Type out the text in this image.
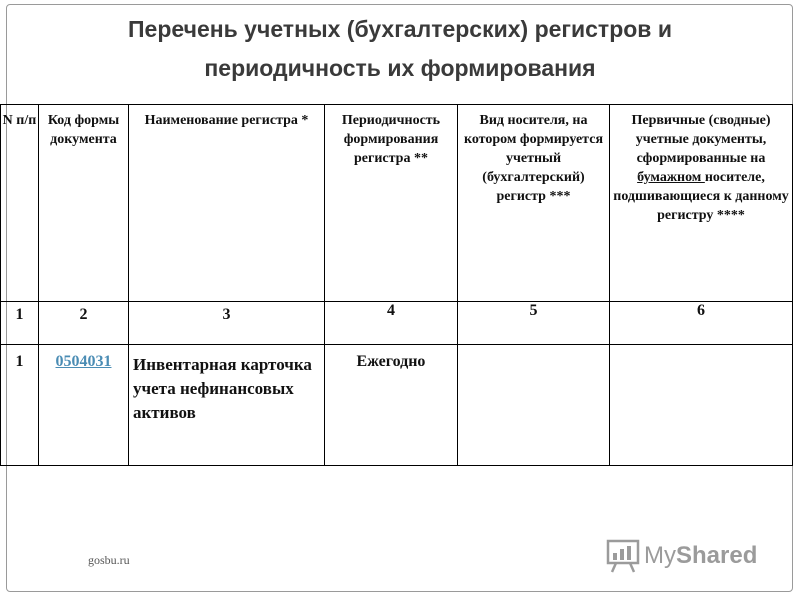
Перечень учетных (бухгалтерских) регистров и
периодичность их формирования
N п/п	Код формы документа	Наименование регистра *	Периодичность формирования регистра **	Вид носителя, на котором формируется учетный (бухгалтерский) регистр ***	Первичные (сводные) учетные документы, сформированные на бумажном носителе, подшивающиеся к данному регистру ****

1	2	3	4	5	6

1	0504031	Инвентарная карточка учета нефинансовых активов	Ежегодно		

gosbu.ru	MyShared
